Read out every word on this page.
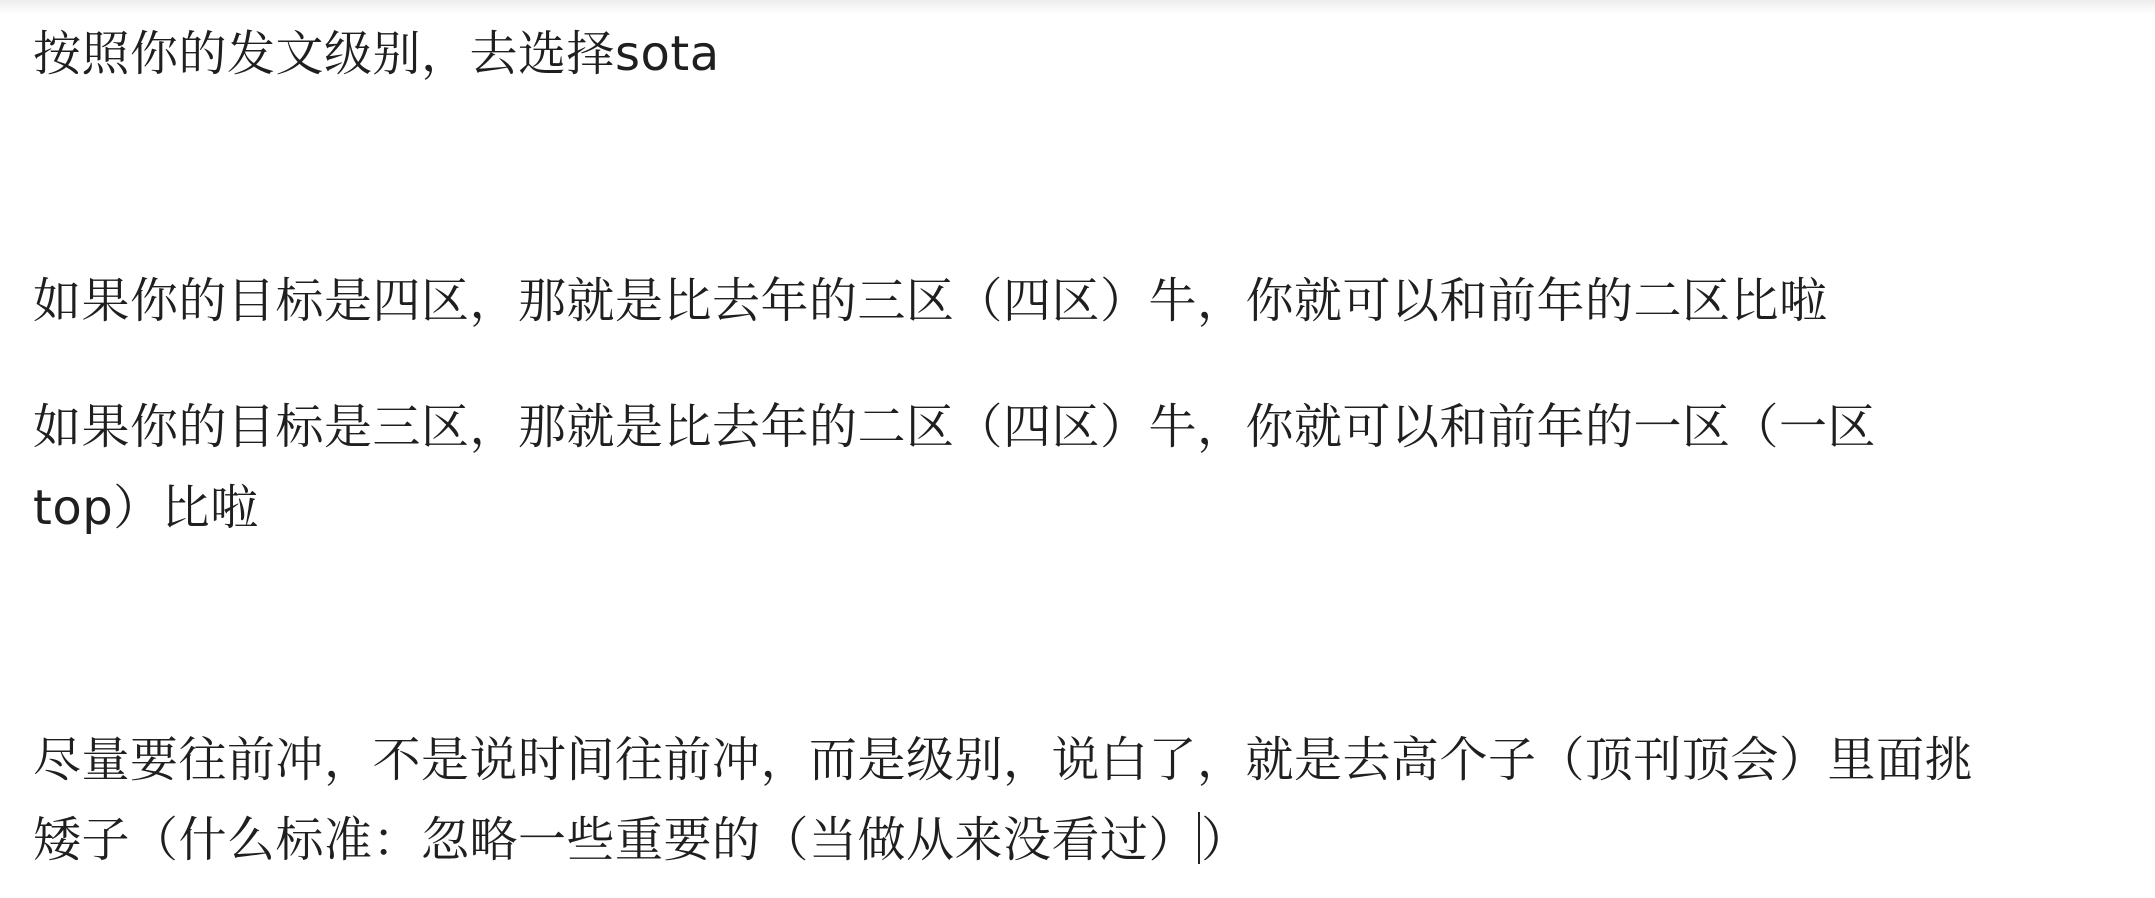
按照你的发文级别，去选择sota
如果你的目标是四区，那就是比去年的三区（四区）牛，你就可以和前年的二区比啦
如果你的目标是三区，那就是比去年的二区（四区）牛，你就可以和前年的一区（一区
top）比啦
尽量要往前冲，不是说时间往前冲，而是级别，说白了，就是去高个子（顶刊顶会）里面挑
矮子（什么标准：忽略一些重要的（当做从来没看过））
